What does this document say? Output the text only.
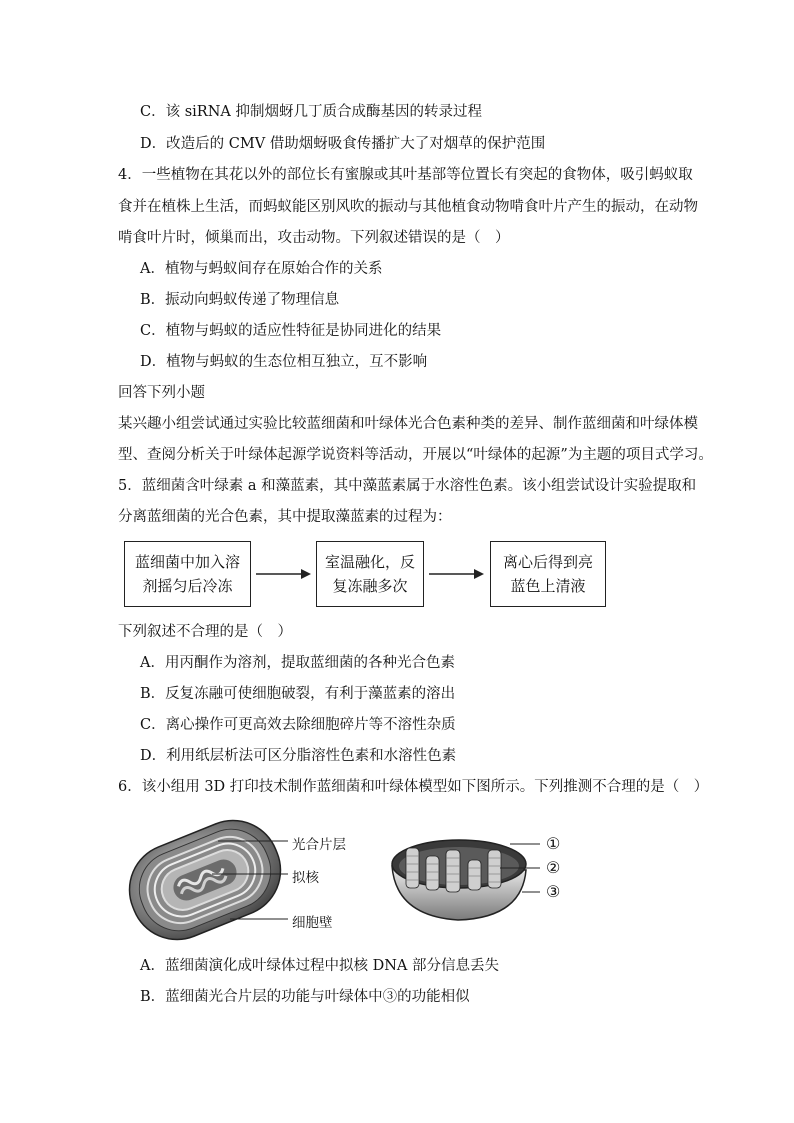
C．该 siRNA 抑制烟蚜几丁质合成酶基因的转录过程
D．改造后的 CMV 借助烟蚜吸食传播扩大了对烟草的保护范围
4．一些植物在其花以外的部位长有蜜腺或其叶基部等位置长有突起的食物体，吸引蚂蚁取
食并在植株上生活，而蚂蚁能区别风吹的振动与其他植食动物啃食叶片产生的振动，在动物
啃食叶片时，倾巢而出，攻击动物。下列叙述错误的是（　）
A．植物与蚂蚁间存在原始合作的关系
B．振动向蚂蚁传递了物理信息
C．植物与蚂蚁的适应性特征是协同进化的结果
D．植物与蚂蚁的生态位相互独立，互不影响
回答下列小题
某兴趣小组尝试通过实验比较蓝细菌和叶绿体光合色素种类的差异、制作蓝细菌和叶绿体模
型、查阅分析关于叶绿体起源学说资料等活动，开展以“叶绿体的起源”为主题的项目式学习。
5．蓝细菌含叶绿素 a 和藻蓝素，其中藻蓝素属于水溶性色素。该小组尝试设计实验提取和
分离蓝细菌的光合色素，其中提取藻蓝素的过程为：
蓝细菌中加入溶
剂摇匀后冷冻
室温融化，反
复冻融多次
离心后得到亮
蓝色上清液
下列叙述不合理的是（　）
A．用丙酮作为溶剂，提取蓝细菌的各种光合色素
B．反复冻融可使细胞破裂，有利于藻蓝素的溶出
C．离心操作可更高效去除细胞碎片等不溶性杂质
D．利用纸层析法可区分脂溶性色素和水溶性色素
6．该小组用 3D 打印技术制作蓝细菌和叶绿体模型如下图所示。下列推测不合理的是（　）
光合片层
拟核
细胞壁
①
②
③
A．蓝细菌演化成叶绿体过程中拟核 DNA 部分信息丢失
B．蓝细菌光合片层的功能与叶绿体中③的功能相似
